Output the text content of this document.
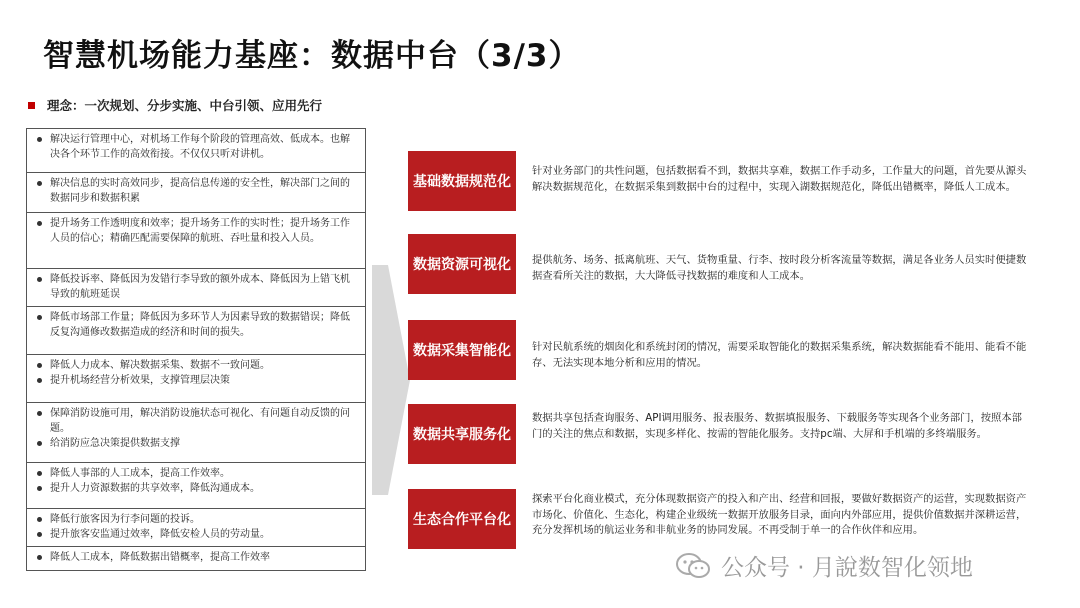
智慧机场能力基座：数据中台（3/3）
理念：一次规划、分步实施、中台引领、应用先行
解决运行管理中心，对机场工作每个阶段的管理高效、低成本。也解决各个环节工作的高效衔接。不仅仅只听对讲机。
解决信息的实时高效同步，提高信息传递的安全性，解决部门之间的数据同步和数据积累
提升场务工作透明度和效率；提升场务工作的实时性；提升场务工作人员的信心；精确匹配需要保障的航班、吞吐量和投入人员。
降低投诉率、降低因为发错行李导致的额外成本、降低因为上错飞机导致的航班延误
降低市场部工作量；降低因为多环节人为因素导致的数据错误；降低反复沟通修改数据造成的经济和时间的损失。
降低人力成本、解决数据采集、数据不一致问题。
提升机场经营分析效果，支撑管理层决策
保障消防设施可用，解决消防设施状态可视化、有问题自动反馈的问题。
给消防应急决策提供数据支撑
降低人事部的人工成本，提高工作效率。
提升人力资源数据的共享效率，降低沟通成本。
降低行旅客因为行李问题的投诉。
提升旅客安监通过效率，降低安检人员的劳动量。
降低人工成本，降低数据出错概率，提高工作效率
基础数据规范化
针对业务部门的共性问题，包括数据看不到，数据共享难，数据工作手动多，工作量大的问题，首先要从源头解决数据规范化，在数据采集到数据中台的过程中，实现入湖数据规范化，降低出错概率，降低人工成本。
数据资源可视化	提供航务、场务、抵离航班、天气、货物重量、行李、按时段分析客流量等数据，满足各业务人员实时便捷数据查看所关注的数据，大大降低寻找数据的难度和人工成本。
数据采集智能化	针对民航系统的烟囱化和系统封闭的情况，需要采取智能化的数据采集系统，解决数据能看不能用、能看不能存、无法实现本地分析和应用的情况。
数据共享服务化
数据共享包括查询服务、API调用服务、报表服务、数据填报服务、下载服务等实现各个业务部门，按照本部门的关注的焦点和数据，实现多样化、按需的智能化服务。支持pc端、大屏和手机端的多终端服务。
生态合作平台化
探索平台化商业模式，充分体现数据资产的投入和产出、经营和回报，要做好数据资产的运营，实现数据资产市场化、价值化、生态化，构建企业级统一数据开放服务目录，面向内外部应用，提供价值数据并深耕运营，充分发挥机场的航运业务和非航业务的协同发展。不再受制于单一的合作伙伴和应用。
公众号 · 月說数智化领地
